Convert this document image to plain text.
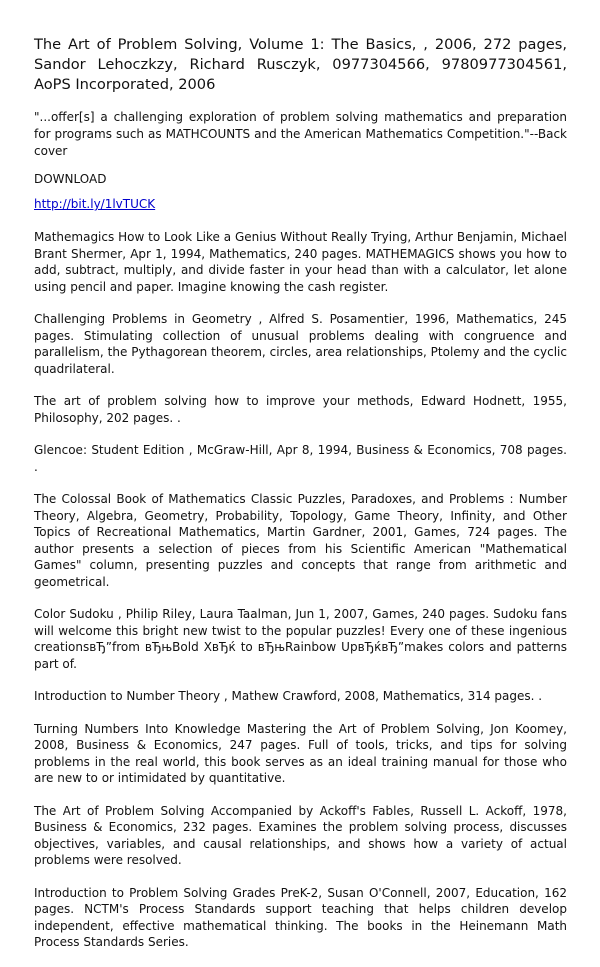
The Art of Problem Solving, Volume 1: The Basics, , 2006, 272 pages, Sandor Lehoczkzy, Richard Rusczyk, 0977304566, 9780977304561, AoPS Incorporated, 2006

"...offer[s] a challenging exploration of problem solving mathematics and preparation for programs such as MATHCOUNTS and the American Mathematics Competition."--Back cover

DOWNLOAD

http://bit.ly/1lvTUCK

Mathemagics How to Look Like a Genius Without Really Trying, Arthur Benjamin, Michael Brant Shermer, Apr 1, 1994, Mathematics, 240 pages. MATHEMAGICS shows you how to add, subtract, multiply, and divide faster in your head than with a calculator, let alone using pencil and paper. Imagine knowing the cash register.

Challenging Problems in Geometry , Alfred S. Posamentier, 1996, Mathematics, 245 pages. Stimulating collection of unusual problems dealing with congruence and parallelism, the Pythagorean theorem, circles, area relationships, Ptolemy and the cyclic quadrilateral.

The art of problem solving how to improve your methods, Edward Hodnett, 1955, Philosophy, 202 pages. .

Glencoe: Student Edition , McGraw-Hill, Apr 8, 1994, Business & Economics, 708 pages. .

The Colossal Book of Mathematics Classic Puzzles, Paradoxes, and Problems : Number Theory, Algebra, Geometry, Probability, Topology, Game Theory, Infinity, and Other Topics of Recreational Mathematics, Martin Gardner, 2001, Games, 724 pages. The author presents a selection of pieces from his Scientific American "Mathematical Games" column, presenting puzzles and concepts that range from arithmetic and geometrical.

Color Sudoku , Philip Riley, Laura Taalman, Jun 1, 2007, Games, 240 pages. Sudoku fans will welcome this bright new twist to the popular puzzles! Every one of these ingenious creationsвЂ”from вЂњBold XвЂќ to вЂњRainbow UpвЂќвЂ”makes colors and patterns part of.

Introduction to Number Theory , Mathew Crawford, 2008, Mathematics, 314 pages. .

Turning Numbers Into Knowledge Mastering the Art of Problem Solving, Jon Koomey, 2008, Business & Economics, 247 pages. Full of tools, tricks, and tips for solving problems in the real world, this book serves as an ideal training manual for those who are new to or intimidated by quantitative.

The Art of Problem Solving Accompanied by Ackoff's Fables, Russell L. Ackoff, 1978, Business & Economics, 232 pages. Examines the problem solving process, discusses objectives, variables, and causal relationships, and shows how a variety of actual problems were resolved.

Introduction to Problem Solving Grades PreK-2, Susan O'Connell, 2007, Education, 162 pages. NCTM's Process Standards support teaching that helps children develop independent, effective mathematical thinking. The books in the Heinemann Math Process Standards Series.
